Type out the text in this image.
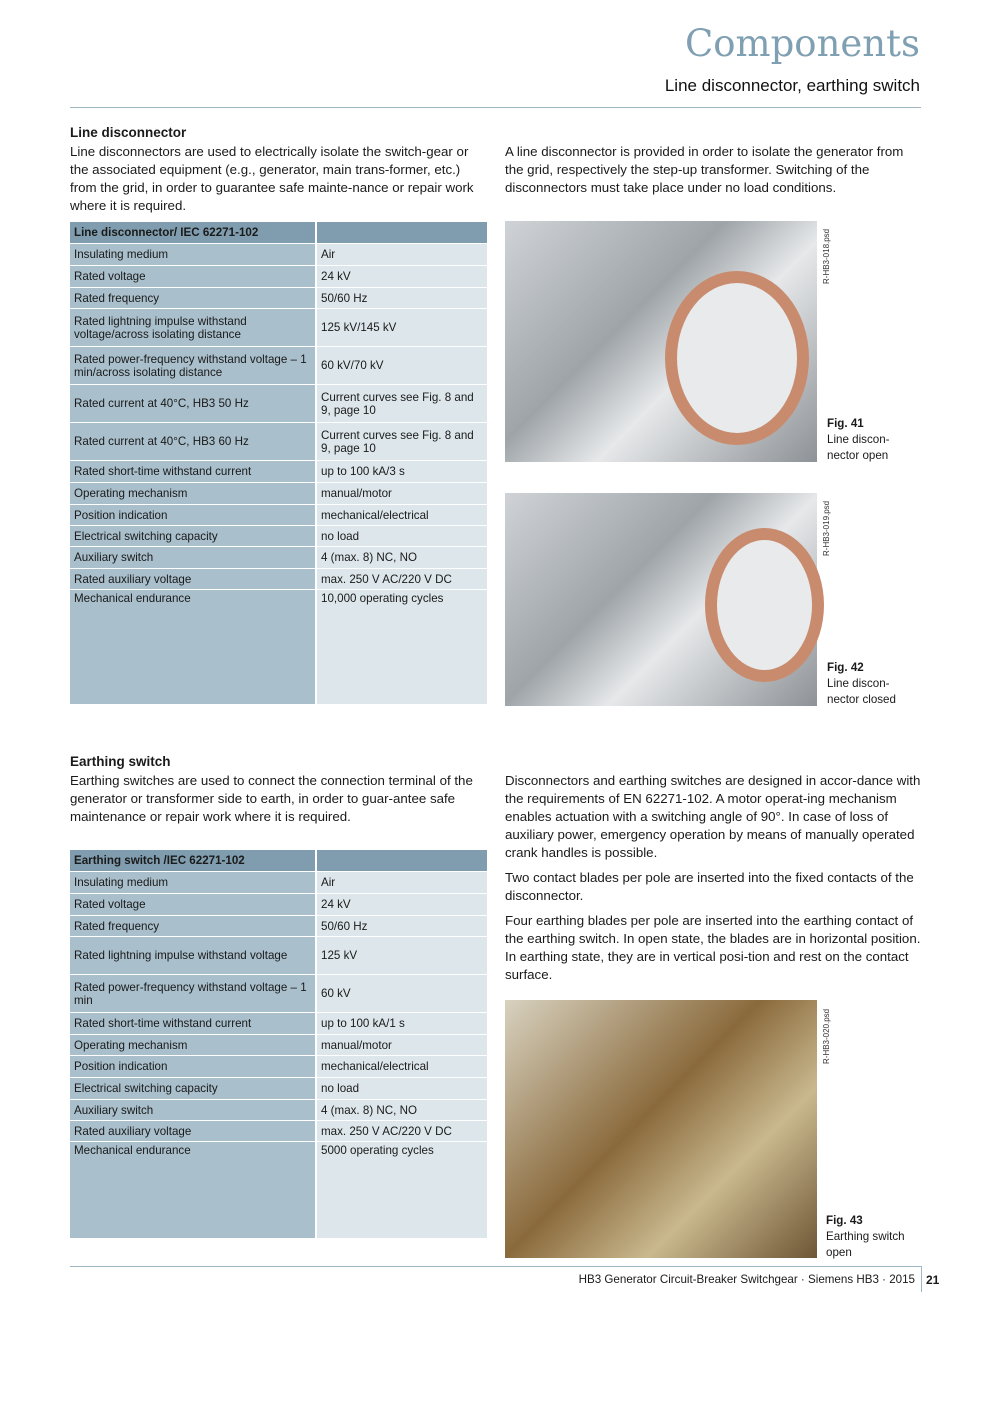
Components
Line disconnector, earthing switch
Line disconnector
Line disconnectors are used to electrically isolate the switch-gear or the associated equipment (e.g., generator, main trans-former, etc.) from the grid, in order to guarantee safe mainte-nance or repair work where it is required.
A line disconnector is provided in order to isolate the generator from the grid, respectively the step-up transformer. Switching of the disconnectors must take place under no load conditions.
Line disconnector/ IEC 62271-102	
Insulating medium	Air
Rated voltage	24 kV
Rated frequency	50/60 Hz
Rated lightning impulse withstand voltage/across isolating distance	125 kV/145 kV
Rated power-frequency withstand voltage – 1 min/across isolating distance	60 kV/70 kV
Rated current at 40°C, HB3 50 Hz	Current curves see Fig. 8 and 9, page 10
Rated current at 40°C, HB3 60 Hz	Current curves see Fig. 8 and 9, page 10
Rated short-time withstand current	up to 100 kA/3 s
Operating mechanism	manual/motor
Position indication	mechanical/electrical
Electrical switching capacity	no load
Auxiliary switch	4 (max. 8) NC, NO
Rated auxiliary voltage	max. 250 V AC/220 V DC
Mechanical endurance	10,000 operating cycles
R-HB3-018.psd
Fig. 41
Line discon-nector open
R-HB3-019.psd
Fig. 42
Line discon-nector closed
Earthing switch
Earthing switches are used to connect the connection terminal of the generator or transformer side to earth, in order to guar-antee safe maintenance or repair work where it is required.
Disconnectors and earthing switches are designed in accor-dance with the requirements of EN 62271-102. A motor operat-ing mechanism enables actuation with a switching angle of 90°. In case of loss of auxiliary power, emergency operation by means of manually operated crank handles is possible.
Two contact blades per pole are inserted into the fixed contacts of the disconnector.
Four earthing blades per pole are inserted into the earthing contact of the earthing switch. In open state, the blades are in horizontal position. In earthing state, they are in vertical posi-tion and rest on the contact surface.
Earthing switch /IEC 62271-102	
Insulating medium	Air
Rated voltage	24 kV
Rated frequency	50/60 Hz
Rated lightning impulse withstand voltage	125 kV
Rated power-frequency withstand voltage – 1 min	60 kV
Rated short-time withstand current	up to 100 kA/1 s
Operating mechanism	manual/motor
Position indication	mechanical/electrical
Electrical switching capacity	no load
Auxiliary switch	4 (max. 8) NC, NO
Rated auxiliary voltage	max. 250 V AC/220 V DC
Mechanical endurance	5000 operating cycles
R-HB3-020.psd
Fig. 43
Earthing switch open
HB3 Generator Circuit-Breaker Switchgear · Siemens HB3 · 2015 21
